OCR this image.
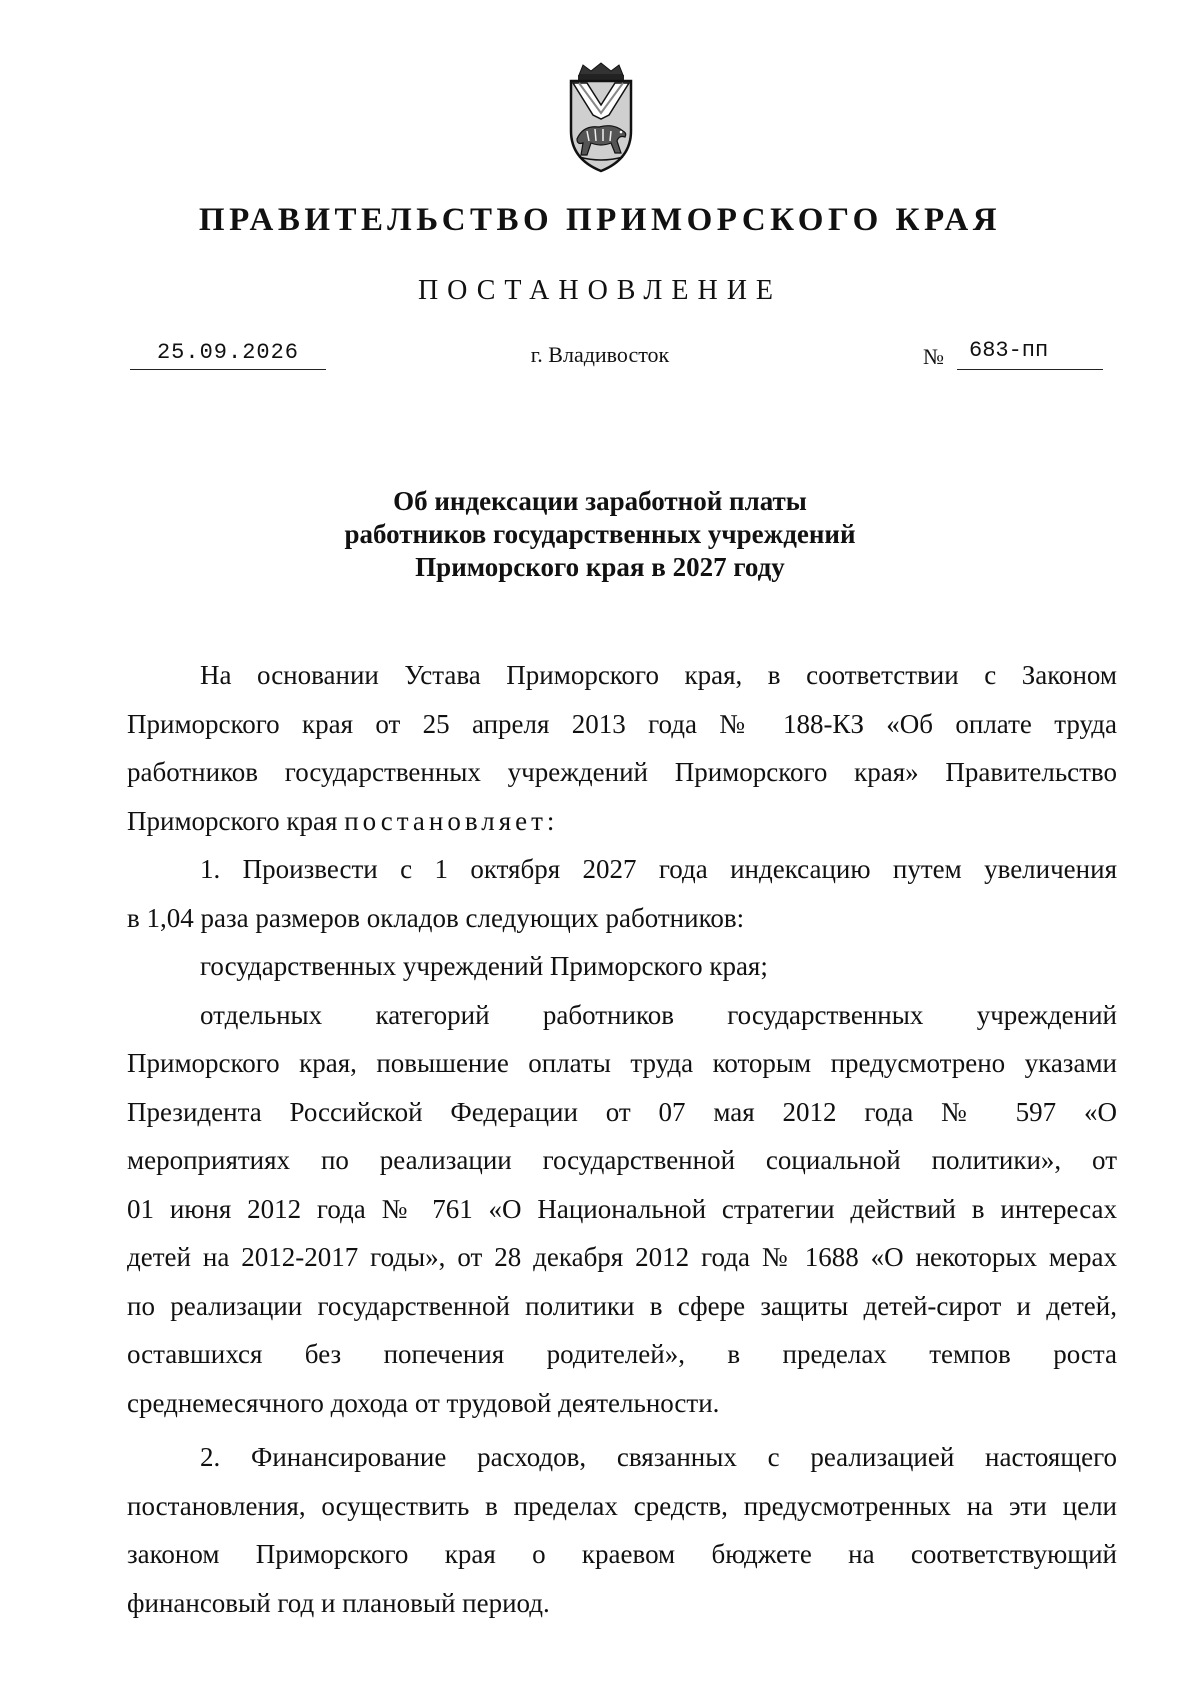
ПРАВИТЕЛЬСТВО ПРИМОРСКОГО КРАЯ
ПОСТАНОВЛЕНИЕ
25.09.2026	г. Владивосток	№	683-пп
Об индексации заработной платы
работников государственных учреждений
Приморского края в 2027 году
На основании Устава Приморского края, в соответствии с Законом
Приморского края от 25 апреля 2013 года № 188-КЗ «Об оплате труда
работников государственных учреждений Приморского края» Правительство
Приморского края постановляет:
1. Произвести с 1 октября 2027 года индексацию путем увеличения
в 1,04 раза размеров окладов следующих работников:
государственных учреждений Приморского края;
отдельных категорий работников государственных учреждений
Приморского края, повышение оплаты труда которым предусмотрено указами
Президента Российской Федерации от 07 мая 2012 года № 597 «О
мероприятиях по реализации государственной социальной политики», от
01 июня 2012 года № 761 «О Национальной стратегии действий в интересах
детей на 2012-2017 годы», от 28 декабря 2012 года № 1688 «О некоторых мерах
по реализации государственной политики в сфере защиты детей-сирот и детей,
оставшихся без попечения родителей», в пределах темпов роста
среднемесячного дохода от трудовой деятельности.
2. Финансирование расходов, связанных с реализацией настоящего
постановления, осуществить в пределах средств, предусмотренных на эти цели
законом Приморского края о краевом бюджете на соответствующий
финансовый год и плановый период.
